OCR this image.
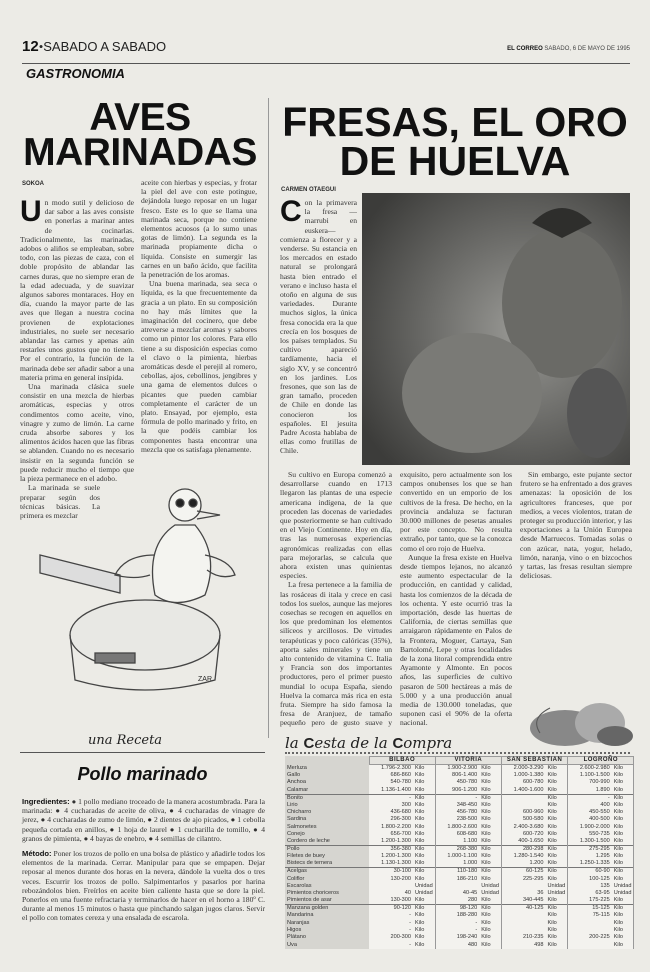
12•SABADO A SABADO	EL CORREO SABADO, 6 DE MAYO DE 1995
GASTRONOMIA
AVES
MARINADAS
SOKOA
U n modo sutil y delicioso de dar sabor a las aves consiste en ponerlas a marinar antes de cocinarlas. Tradicionalmente, las marinadas, adobos o aliños se empleaban, sobre todo, con las piezas de caza, con el doble propósito de ablandar las carnes duras, que no siempre eran de la edad adecuada, y de suavizar algunos sabores montaraces. Hoy en día, cuando la mayor parte de las aves que llegan a nuestra cocina provienen de explotaciones industriales, no suele ser necesario ablandar las carnes y apenas aún restarles unos gustos que no tienen. Por el contrario, la función de la marinada debe ser añadir sabor a una materia prima en general insípida.

Una marinada clásica suele consistir en una mezcla de hierbas aromáticas, especias y otros condimentos como aceite, vino, vinagre y zumo de limón. La carne cruda absorbe sabores y los alimentos ácidos hacen que las fibras se ablanden. Cuando no es necesario insistir en la segunda función se puede reducir mucho el tiempo que la pieza permanece en el adobo.

La marinada se suele preparar según dos técnicas básicas. La primera es mezclar

aceite con hierbas y especias, y frotar la piel del ave con este potingue, dejándola luego reposar en un lugar fresco. Este es lo que se llama una marinada seca, porque no contiene elementos acuosos (a lo sumo unas gotas de limón). La segunda es la marinada propiamente dicha o líquida. Consiste en sumergir las carnes en un baño ácido, que facilita la penetración de los aromas.

Una buena marinada, sea seca o líquida, es la que frecuentemente da gracia a un plato. En su composición no hay más límites que la imaginación del cocinero, que debe atreverse a mezclar aromas y sabores como un pintor los colores. Para ello tiene a su disposición especias como el clavo o la pimienta, hierbas aromáticas desde el perejil al romero, cebollas, ajos, cebollinos, jengibres y una gama de elementos dulces o picantes que pueden cambiar completamente el carácter de un plato. Ensayad, por ejemplo, esta fórmula de pollo marinado y frito, en la que podéis cambiar los componentes hasta encontrar una mezcla que os satisfaga plenamente.

ZAR.
una Receta
Pollo marinado
Ingredientes: ● 1 pollo mediano troceado de la manera acostumbrada. Para la marinada: ● 4 cucharadas de aceite de oliva, ● 4 cucharadas de vinagre de jerez, ● 4 cucharadas de zumo de limón, ● 2 dientes de ajo picados, ● 1 cebolla pequeña cortada en anillos, ● 1 hoja de laurel ● 1 cucharilla de tomillo, ● 4 granos de pimienta, ● 4 bayas de enebro, ● 4 semillas de cilantro.
Método: Poner los trozos de pollo en una bolsa de plástico y añadirle todos los elementos de la marinada. Cerrar. Manipular para que se empapen. Dejar reposar al menos durante dos horas en la nevera, dándole la vuelta dos o tres veces. Escurrir los trozos de pollo. Salpimentarlos y pasarlos por harina rebozándolos bien. Freírlos en aceite bien caliente hasta que se dore la piel. Ponerlos en una fuente refractaria y terminarlos de hacer en el horno a 180º C. durante al menos 15 minutos o hasta que pinchando salgan jugos claros. Servir el pollo con tomates cereza y una ensalada de escarola.
FRESAS, EL ORO
DE HUELVA
CARMEN OTAEGUI
C on la primavera la fresa —marrubi en euskera— comienza a florecer y a venderse. Su estancia en los mercados en estado natural se prolongará hasta bien entrado el verano e incluso hasta el otoño en alguna de sus variedades. Durante muchos siglos, la única fresa conocida era la que crecía en los bosques de los países templados. Su cultivo apareció tardíamente, hacia el siglo XV, y se concentró en los jardines. Los fresones, que son las de gran tamaño, proceden de Chile en donde las conocieron los españoles. El jesuita Padre Acosta hablaba de ellas como frutillas de Chile.

Su cultivo en Europa comenzó a desarrollarse cuando en 1713 llegaron las plantas de una especie americana indígena, de la que proceden las docenas de variedades que posteriormente se han cultivado en el Viejo Continente. Hoy en día, tras las numerosas experiencias agronómicas realizadas con ellas para mejorarlas, se calcula que ahora existen unas quinientas especies.

La fresa pertenece a la familia de las rosáceas di itala y crece en casi todos los suelos, aunque las mejores cosechas se recogen en aquellos en los que predominan los elementos silíceos y arcillosos. De virtudes terapéuticas y poco calóricas (35%), aporta sales minerales y tiene un alto contenido de vitamina C. Italia y Francia son dos importantes productores, pero el primer puesto mundial lo ocupa España, siendo Huelva la comarca más rica en esta fruta. Siempre ha sido famosa la fresa de Aranjuez, de tamaño pequeño pero de gusto suave y exquisito, pero actualmente son los campos onubenses los que se han convertido en un emporio de los cultivos de la fresa. De hecho, en la provincia andaluza se facturan 30.000 millones de pesetas anuales por este concepto. No resulta extraño, por tanto, que se la conozca como el oro rojo de Huelva.

Aunque la fresa existe en Huelva desde tiempos lejanos, no alcanzó este aumento espectacular de la producción, en cantidad y calidad, hasta los comienzos de la década de los ochenta. Y este ocurrió tras la importación, desde las huertas de California, de ciertas semillas que arraigaron rápidamente en Palos de la Frontera, Moguer, Cartaya, San Bartolomé, Lepe y otras localidades de la zona litoral comprendida entre Ayamonte y Almonte. En pocos años, las superficies de cultivo pasaron de 500 hectáreas a más de 5.000 y a una producción anual media de 130.000 toneladas, que suponen casi el 90% de la oferta nacional.

Sin embargo, este pujante sector frutero se ha enfrentado a dos graves amenazas: la oposición de los agricultores franceses, que por medios, a veces violentos, tratan de proteger su producción interior, y las exportaciones a la Unión Europea desde Marruecos. Tomadas solas o con azúcar, nata, yogur, helado, limón, naranja, vino o en bizcochos y tartas, las fresas resultan siempre deliciosas.

la Cesta de la Compra
	BILBAO		VITORIA		SAN SEBASTIAN		LOGROÑO	
Merluza	1.796-2.300	Kilo	1.900-2.900	Kilo	2.000-3.290	Kilo	2.600-2.980	Kilo
Gallo	686-860	Kilo	806-1.400	Kilo	1.000-1.380	Kilo	1.100-1.500	Kilo
Anchoa	540-780	Kilo	450-780	Kilo	600-780	Kilo	700-990	Kilo
Calamar	1.136-1.400	Kilo	906-1.200	Kilo	1.400-1.600	Kilo	1.890	Kilo
Bonito	-	Kilo	-	Kilo		Kilo	-	Kilo
Lirio	300	Kilo	348-450	Kilo		Kilo	400	Kilo
Chicharro	436-680	Kilo	456-780	Kilo	600-960	Kilo	450-550	Kilo
Sardina	296-300	Kilo	238-500	Kilo	500-580	Kilo	400-500	Kilo
Salmonetes	1.800-2.200	Kilo	1.800-2.600	Kilo	2.400-3.680	Kilo	1.900-2.000	Kilo
Conejo	656-700	Kilo	608-680	Kilo	600-720	Kilo	550-735	Kilo
Cordero de leche	1.200-1.300	Kilo	1.100	Kilo	400-1.650	Kilo	1.300-1.500	Kilo
Pollo	356-380	Kilo	268-380	Kilo	280-298	Kilo	275-295	Kilo
Filetes de buey	1.200-1.300	Kilo	1.000-1.100	Kilo	1.280-1.540	Kilo	1.295	Kilo
Bistecs de ternera	1.130-1.300	Kilo	1.000	Kilo	1.200	Kilo	1.250-1.335	Kilo
Acelgas	30-100	Kilo	110-180	Kilo	60-125	Kilo	60-90	Kilo
Coliflor	130-200	Kilo	186-210	Kilo	225-295	Kilo	100-125	Kilo
Escarolas		Unidad		Unidad		Unidad	135	Unidad
Pimientos choriceros	40	Unidad	40-45	Unidad	36	Unidad	63-95	Unidad
Pimientos de asar	130-300	Kilo	280	Kilo	340-445	Kilo	175-225	Kilo
Manzana golden	90-120	Kilo	98-120	Kilo	40-125	Kilo	15-125	Kilo
Mandarina	-	Kilo	188-280	Kilo		Kilo	75-115	Kilo
Naranjas	-	Kilo	-	Kilo		Kilo		Kilo
Higos	-	Kilo	-	Kilo		Kilo		Kilo
Plátano	200-300	Kilo	198-240	Kilo	210-235	Kilo	200-225	Kilo
Uva	-	Kilo	480	Kilo	498	Kilo		Kilo
